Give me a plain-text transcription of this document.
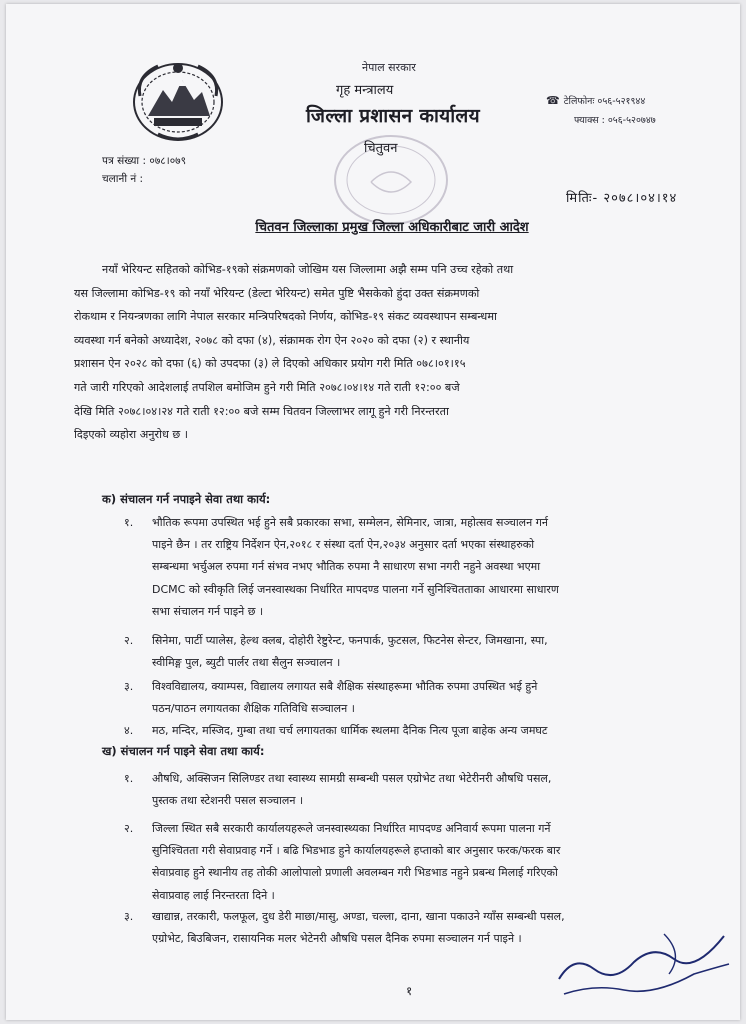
नेपाल सरकार
गृह मन्त्रालय
जिल्ला प्रशासन कार्यालय
चितुवन
☎ टेलिफोनः ०५६-५२१९४४
फ्याक्स : ०५६-५२०७४७
पत्र संख्या : ०७८।०७९
चलानी नं :
मितिः- २०७८।०४।१४
चितवन जिल्लाका प्रमुख जिल्ला अधिकारीबाट जारी आदेश
नयाँ भेरियन्ट सहितको कोभिड-१९को संक्रमणको जोखिम यस जिल्लामा अझै सम्म पनि उच्च रहेको तथा
यस जिल्लामा कोभिड-१९ को नयाँ भेरियन्ट (डेल्टा भेरियन्ट) समेत पुष्टि भैसकेको हुंदा उक्त संक्रमणको
रोकथाम र नियन्त्रणका लागि नेपाल सरकार मन्त्रिपरिषदको निर्णय, कोभिड-१९ संकट व्यवस्थापन सम्बन्धमा
व्यवस्था गर्न बनेको अध्यादेश, २०७८ को दफा (४), संक्रामक रोग ऐन २०२० को दफा (२) र स्थानीय
प्रशासन ऐन २०२८ को दफा (६) को उपदफा (३) ले दिएको अधिकार प्रयोग गरी मिति ०७८।०१।१५
गते जारी गरिएको आदेशलाई तपशिल बमोजिम हुने गरी मिति २०७८।०४।१४ गते राती १२:०० बजे
देखि मिति २०७८।०४।२४ गते राती १२:०० बजे सम्म चितवन जिल्लाभर लागू हुने गरी निरन्तरता
दिइएको व्यहोरा अनुरोध छ ।
क) संचालन गर्न नपाइने सेवा तथा कार्य:
१. भौतिक रूपमा उपस्थित भई हुने सबै प्रकारका सभा, सम्मेलन, सेमिनार, जात्रा, महोत्सव सञ्चालन गर्न
पाइने छैन । तर राष्ट्रिय निर्देशन ऐन,२०१८ र संस्था दर्ता ऐन,२०३४ अनुसार दर्ता भएका संस्थाहरुको
सम्बन्धमा भर्चुअल रुपमा गर्न संभव नभए भौतिक रुपमा नै साधारण सभा नगरी नहुने अवस्था भएमा
DCMC को स्वीकृति लिई जनस्वास्थका निर्धारित मापदण्ड पालना गर्ने सुनिश्चितताका आधारमा साधारण
सभा संचालन गर्न पाइने छ ।
२. सिनेमा, पार्टी प्यालेस, हेल्थ क्लब, दोहोरी रेष्टुरेन्ट, फनपार्क, फुटसल, फिटनेस सेन्टर, जिमखाना, स्पा,
स्वीमिङ्ग पुल, ब्युटी पार्लर तथा सैलुन सञ्चालन ।
३. विश्वविद्यालय, क्याम्पस, विद्यालय लगायत सबै शैक्षिक संस्थाहरूमा भौतिक रुपमा उपस्थित भई हुने
पठन/पाठन लगायतका शैक्षिक गतिविधि सञ्चालन ।
४. मठ, मन्दिर, मस्जिद, गुम्बा तथा चर्च लगायतका धार्मिक स्थलमा दैनिक नित्य पूजा बाहेक अन्य जमघट
ख) संचालन गर्न पाइने सेवा तथा कार्य:
१. औषधि, अक्सिजन सिलिण्डर तथा स्वास्थ्य सामग्री सम्बन्धी पसल एग्रोभेट तथा भेटेरीनरी औषधि पसल,
पुस्तक तथा स्टेशनरी पसल सञ्चालन ।
२. जिल्ला स्थित सबै सरकारी कार्यालयहरूले जनस्वास्थ्यका निर्धारित मापदण्ड अनिवार्य रूपमा पालना गर्ने
सुनिश्चितता गरी सेवाप्रवाह गर्ने । बढि भिडभाड हुने कार्यालयहरूले हप्ताको बार अनुसार फरक/फरक बार
सेवाप्रवाह हुने स्थानीय तह तोकी आलोपालो प्रणाली अवलम्बन गरी भिडभाड नहुने प्रबन्ध मिलाई गरिएको
सेवाप्रवाह लाई निरन्तरता दिने ।
३. खाद्यान्न, तरकारी, फलफूल, दुध डेरी माछा/मासु, अण्डा, चल्ला, दाना, खाना पकाउने ग्याँस सम्बन्धी पसल,
एग्रोभेट, बिउबिजन, रासायनिक मलर भेटेनरी औषधि पसल दैनिक रुपमा सञ्चालन गर्न पाइने ।
१
